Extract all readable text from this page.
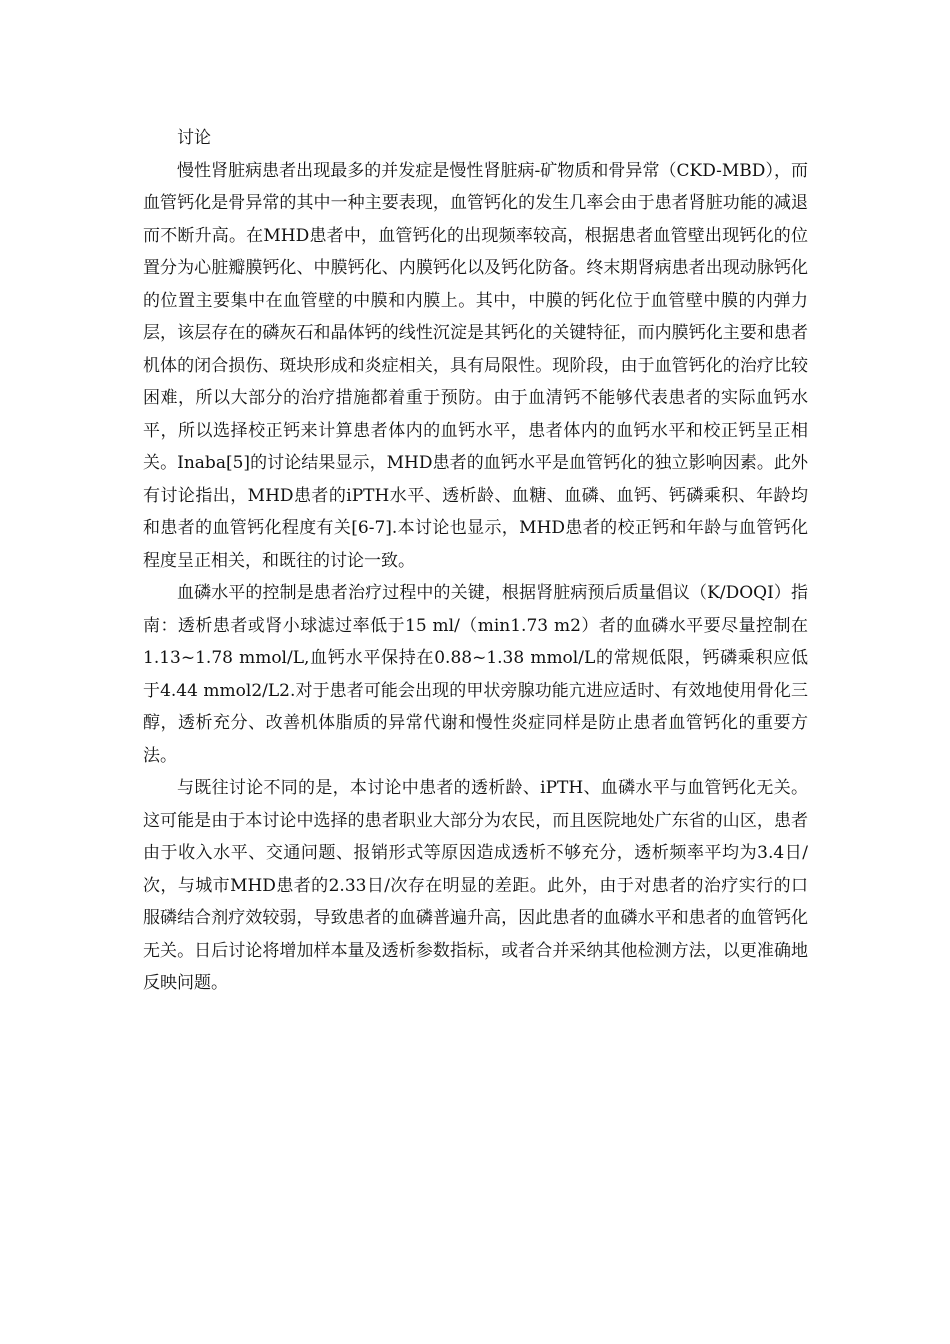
讨论

慢性肾脏病患者出现最多的并发症是慢性肾脏病-矿物质和骨异常（CKD-MBD），而血管钙化是骨异常的其中一种主要表现，血管钙化的发生几率会由于患者肾脏功能的减退而不断升高。在MHD患者中，血管钙化的出现频率较高，根据患者血管壁出现钙化的位置分为心脏瓣膜钙化、中膜钙化、内膜钙化以及钙化防备。终末期肾病患者出现动脉钙化的位置主要集中在血管壁的中膜和内膜上。其中，中膜的钙化位于血管壁中膜的内弹力层，该层存在的磷灰石和晶体钙的线性沉淀是其钙化的关键特征，而内膜钙化主要和患者机体的闭合损伤、斑块形成和炎症相关，具有局限性。现阶段，由于血管钙化的治疗比较困难，所以大部分的治疗措施都着重于预防。由于血清钙不能够代表患者的实际血钙水平，所以选择校正钙来计算患者体内的血钙水平，患者体内的血钙水平和校正钙呈正相关。Inaba[5]的讨论结果显示，MHD患者的血钙水平是血管钙化的独立影响因素。此外有讨论指出，MHD患者的iPTH水平、透析龄、血糖、血磷、血钙、钙磷乘积、年龄均和患者的血管钙化程度有关[6-7].本讨论也显示，MHD患者的校正钙和年龄与血管钙化程度呈正相关，和既往的讨论一致。

血磷水平的控制是患者治疗过程中的关键，根据肾脏病预后质量倡议（K/DOQI）指南：透析患者或肾小球滤过率低于15 ml/（min1.73 m2）者的血磷水平要尽量控制在1.13~1.78 mmol/L,血钙水平保持在0.88~1.38 mmol/L的常规低限，钙磷乘积应低于4.44 mmol2/L2.对于患者可能会出现的甲状旁腺功能亢进应适时、有效地使用骨化三醇，透析充分、改善机体脂质的异常代谢和慢性炎症同样是防止患者血管钙化的重要方法。

与既往讨论不同的是，本讨论中患者的透析龄、iPTH、血磷水平与血管钙化无关。这可能是由于本讨论中选择的患者职业大部分为农民，而且医院地处广东省的山区，患者由于收入水平、交通问题、报销形式等原因造成透析不够充分，透析频率平均为3.4日/次，与城市MHD患者的2.33日/次存在明显的差距。此外，由于对患者的治疗实行的口服磷结合剂疗效较弱，导致患者的血磷普遍升高，因此患者的血磷水平和患者的血管钙化无关。日后讨论将增加样本量及透析参数指标，或者合并采纳其他检测方法，以更准确地反映问题。
